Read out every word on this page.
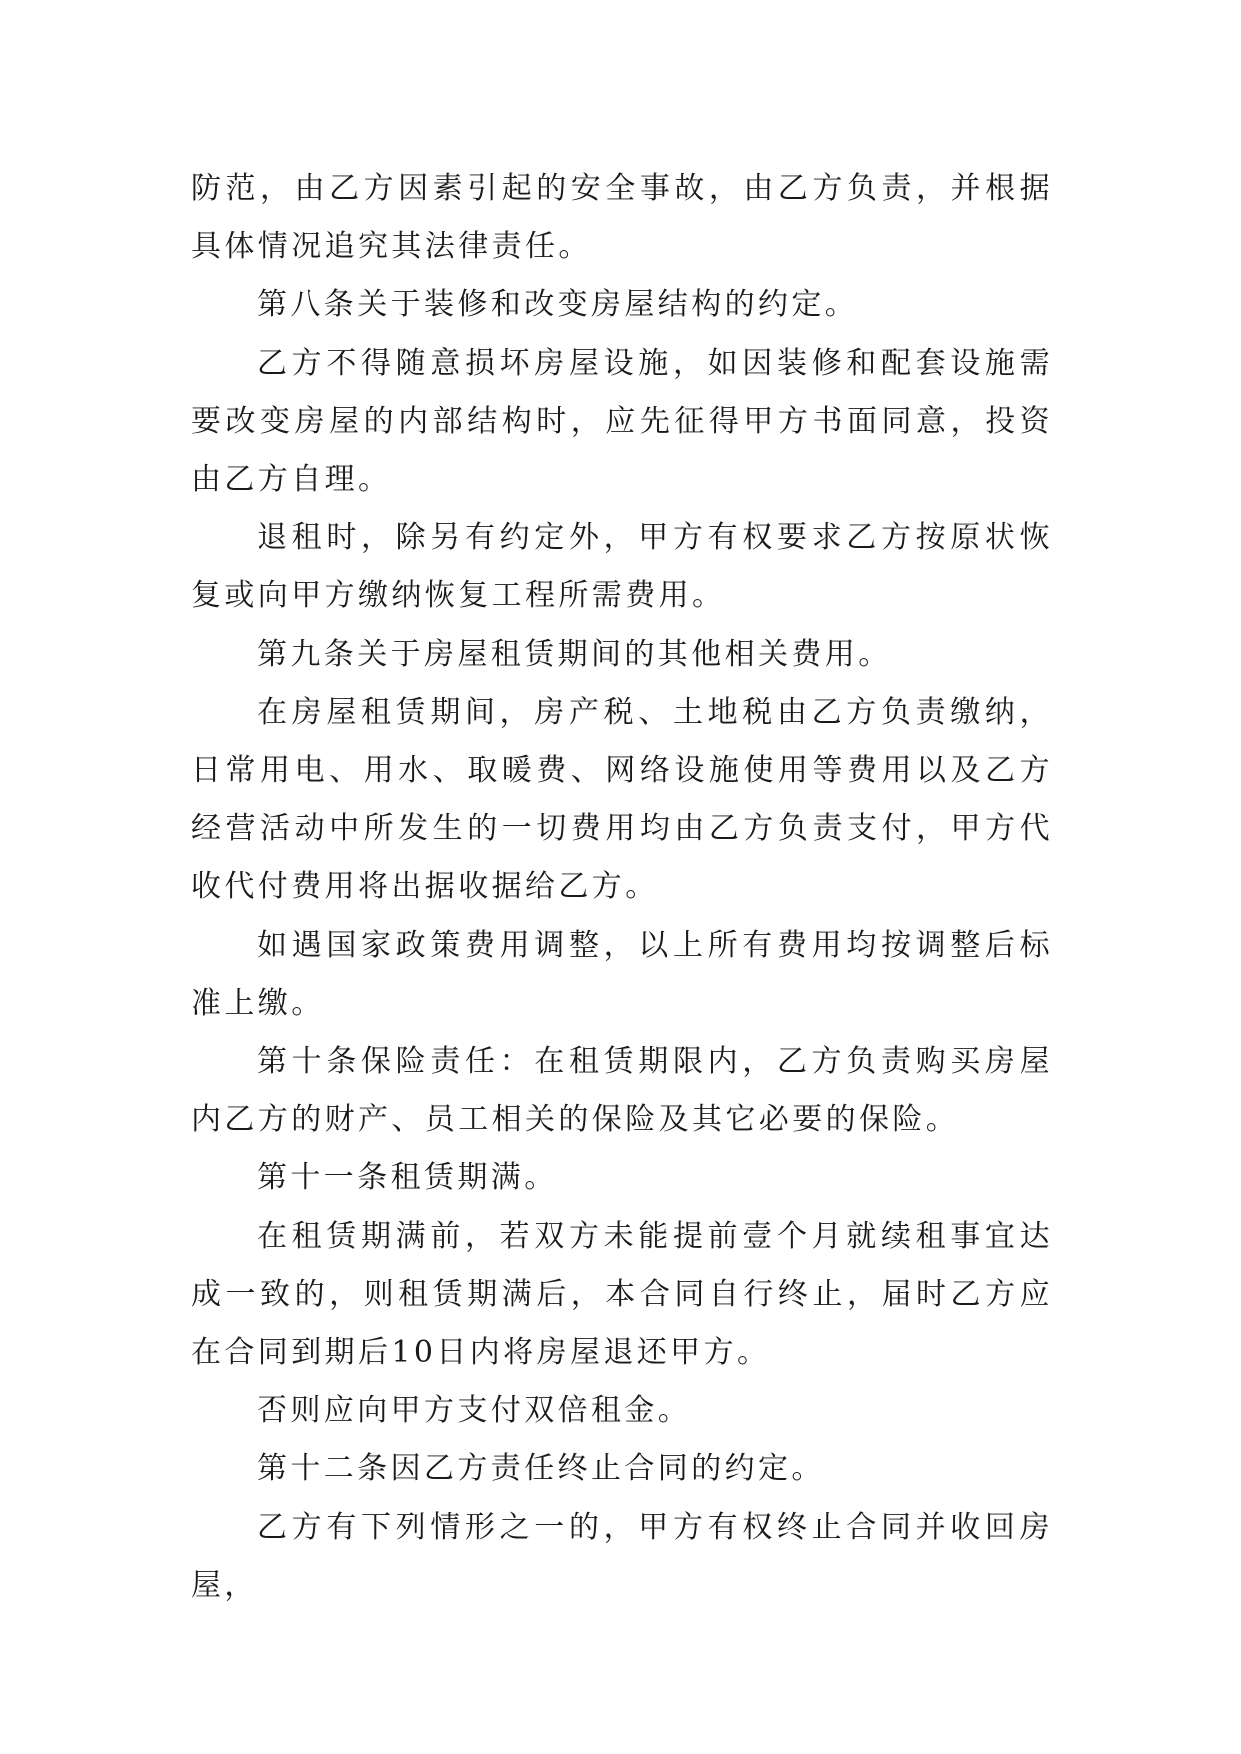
防范，由乙方因素引起的安全事故，由乙方负责，并根据具体情况追究其法律责任。

第八条关于装修和改变房屋结构的约定。

乙方不得随意损坏房屋设施，如因装修和配套设施需要改变房屋的内部结构时，应先征得甲方书面同意，投资由乙方自理。

退租时，除另有约定外，甲方有权要求乙方按原状恢复或向甲方缴纳恢复工程所需费用。

第九条关于房屋租赁期间的其他相关费用。

在房屋租赁期间，房产税、土地税由乙方负责缴纳，日常用电、用水、取暖费、网络设施使用等费用以及乙方经营活动中所发生的一切费用均由乙方负责支付，甲方代收代付费用将出据收据给乙方。

如遇国家政策费用调整，以上所有费用均按调整后标准上缴。

第十条保险责任：在租赁期限内，乙方负责购买房屋内乙方的财产、员工相关的保险及其它必要的保险。

第十一条租赁期满。

在租赁期满前，若双方未能提前壹个月就续租事宜达成一致的，则租赁期满后，本合同自行终止，届时乙方应在合同到期后10日内将房屋退还甲方。

否则应向甲方支付双倍租金。

第十二条因乙方责任终止合同的约定。

乙方有下列情形之一的，甲方有权终止合同并收回房屋，
